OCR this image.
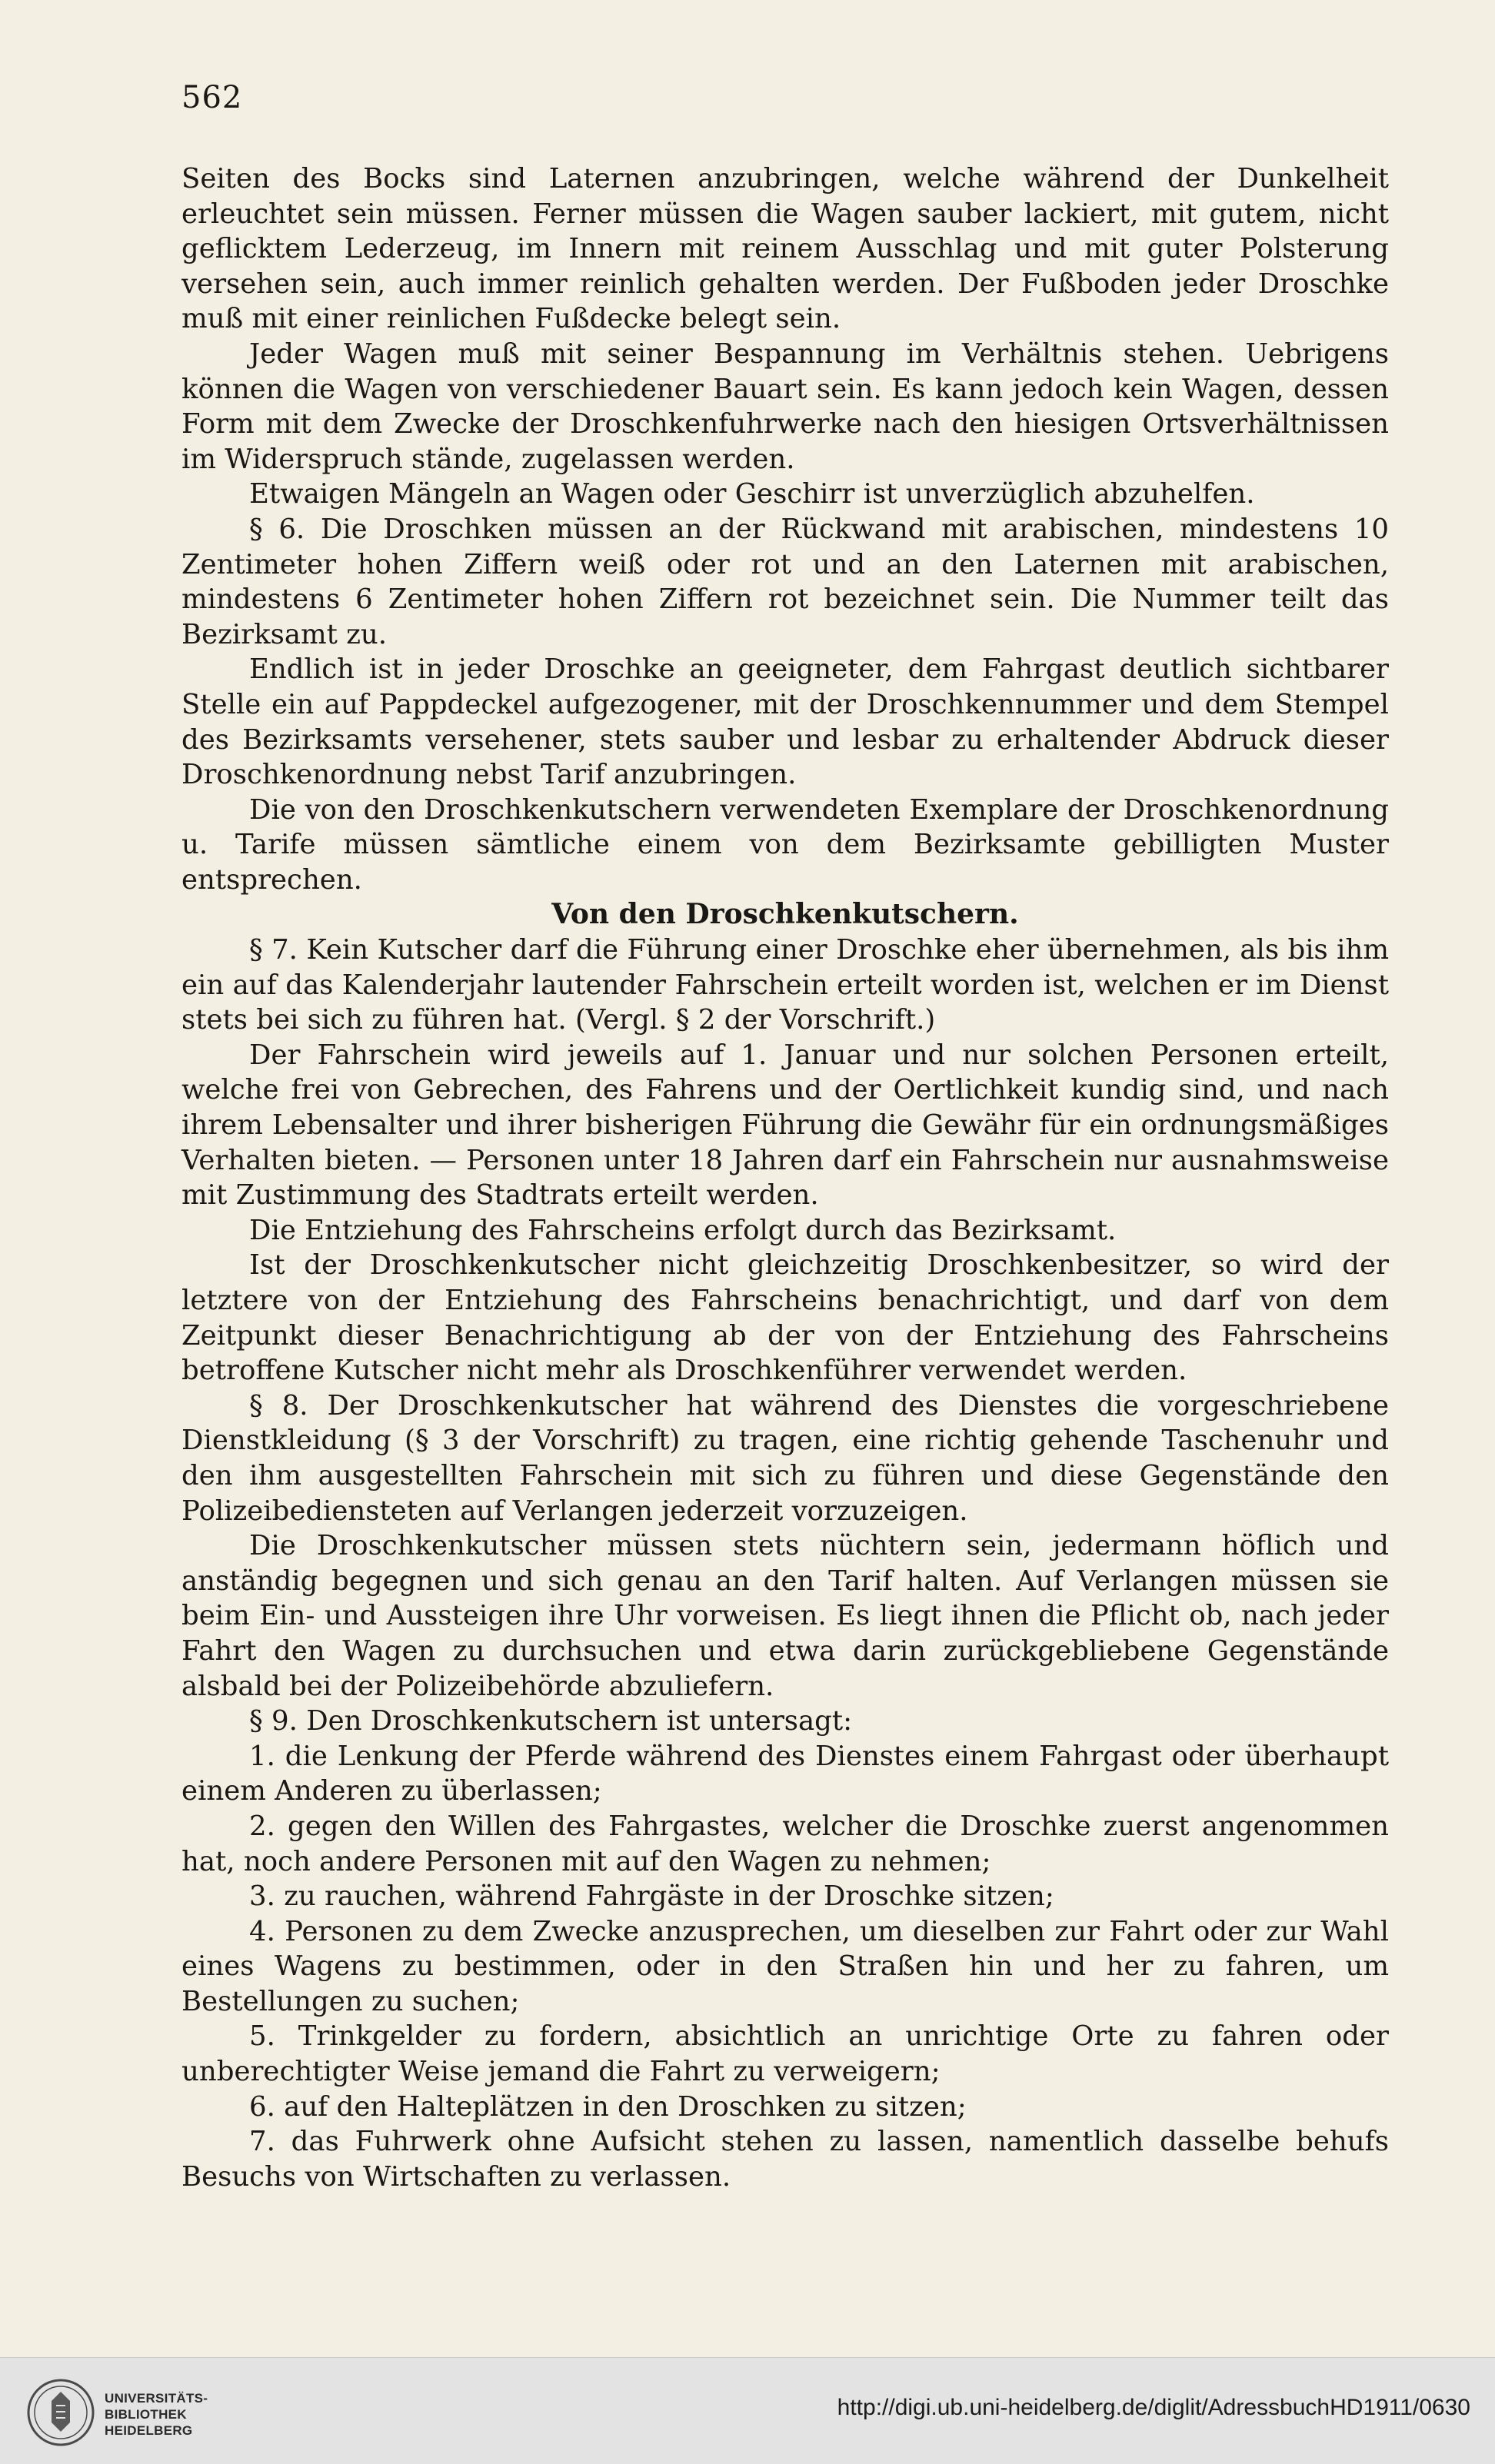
562

Seiten des Bocks sind Laternen anzubringen, welche während der Dunkelheit erleuchtet sein müssen. Ferner müssen die Wagen sauber lackiert, mit gutem, nicht geflicktem Lederzeug, im Innern mit reinem Ausschlag und mit guter Polsterung versehen sein, auch immer reinlich gehalten werden. Der Fußboden jeder Droschke muß mit einer reinlichen Fußdecke belegt sein.

Jeder Wagen muß mit seiner Bespannung im Verhältnis stehen. Uebrigens können die Wagen von verschiedener Bauart sein. Es kann jedoch kein Wagen, dessen Form mit dem Zwecke der Droschkenfuhrwerke nach den hiesigen Ortsverhältnissen im Widerspruch stände, zugelassen werden.

Etwaigen Mängeln an Wagen oder Geschirr ist unverzüglich abzuhelfen.

§ 6. Die Droschken müssen an der Rückwand mit arabischen, mindestens 10 Zentimeter hohen Ziffern weiß oder rot und an den Laternen mit arabischen, mindestens 6 Zentimeter hohen Ziffern rot bezeichnet sein. Die Nummer teilt das Bezirksamt zu.

Endlich ist in jeder Droschke an geeigneter, dem Fahrgast deutlich sichtbarer Stelle ein auf Pappdeckel aufgezogener, mit der Droschkennummer und dem Stempel des Bezirksamts versehener, stets sauber und lesbar zu erhaltender Abdruck dieser Droschkenordnung nebst Tarif anzubringen.

Die von den Droschkenkutschern verwendeten Exemplare der Droschkenordnung u. Tarife müssen sämtliche einem von dem Bezirksamte gebilligten Muster entsprechen.

Von den Droschkenkutschern.

§ 7. Kein Kutscher darf die Führung einer Droschke eher übernehmen, als bis ihm ein auf das Kalenderjahr lautender Fahrschein erteilt worden ist, welchen er im Dienst stets bei sich zu führen hat. (Vergl. § 2 der Vorschrift.)

Der Fahrschein wird jeweils auf 1. Januar und nur solchen Personen erteilt, welche frei von Gebrechen, des Fahrens und der Oertlichkeit kundig sind, und nach ihrem Lebensalter und ihrer bisherigen Führung die Gewähr für ein ordnungsmäßiges Verhalten bieten. — Personen unter 18 Jahren darf ein Fahrschein nur ausnahmsweise mit Zustimmung des Stadtrats erteilt werden.

Die Entziehung des Fahrscheins erfolgt durch das Bezirksamt.

Ist der Droschkenkutscher nicht gleichzeitig Droschkenbesitzer, so wird der letztere von der Entziehung des Fahrscheins benachrichtigt, und darf von dem Zeitpunkt dieser Benachrichtigung ab der von der Entziehung des Fahrscheins betroffene Kutscher nicht mehr als Droschkenführer verwendet werden.

§ 8. Der Droschkenkutscher hat während des Dienstes die vorgeschriebene Dienstkleidung (§ 3 der Vorschrift) zu tragen, eine richtig gehende Taschenuhr und den ihm ausgestellten Fahrschein mit sich zu führen und diese Gegenstände den Polizeibediensteten auf Verlangen jederzeit vorzuzeigen.

Die Droschkenkutscher müssen stets nüchtern sein, jedermann höflich und anständig begegnen und sich genau an den Tarif halten. Auf Verlangen müssen sie beim Ein- und Aussteigen ihre Uhr vorweisen. Es liegt ihnen die Pflicht ob, nach jeder Fahrt den Wagen zu durchsuchen und etwa darin zurückgebliebene Gegenstände alsbald bei der Polizeibehörde abzuliefern.

§ 9. Den Droschkenkutschern ist untersagt:

1. die Lenkung der Pferde während des Dienstes einem Fahrgast oder überhaupt einem Anderen zu überlassen;

2. gegen den Willen des Fahrgastes, welcher die Droschke zuerst angenommen hat, noch andere Personen mit auf den Wagen zu nehmen;

3. zu rauchen, während Fahrgäste in der Droschke sitzen;

4. Personen zu dem Zwecke anzusprechen, um dieselben zur Fahrt oder zur Wahl eines Wagens zu bestimmen, oder in den Straßen hin und her zu fahren, um Bestellungen zu suchen;

5. Trinkgelder zu fordern, absichtlich an unrichtige Orte zu fahren oder unberechtigter Weise jemand die Fahrt zu verweigern;

6. auf den Halteplätzen in den Droschken zu sitzen;

7. das Fuhrwerk ohne Aufsicht stehen zu lassen, namentlich dasselbe behufs Besuchs von Wirtschaften zu verlassen.

UNIVERSITÄTS-
BIBLIOTHEK
HEIDELBERG
http://digi.ub.uni-heidelberg.de/diglit/AdressbuchHD1911/0630
